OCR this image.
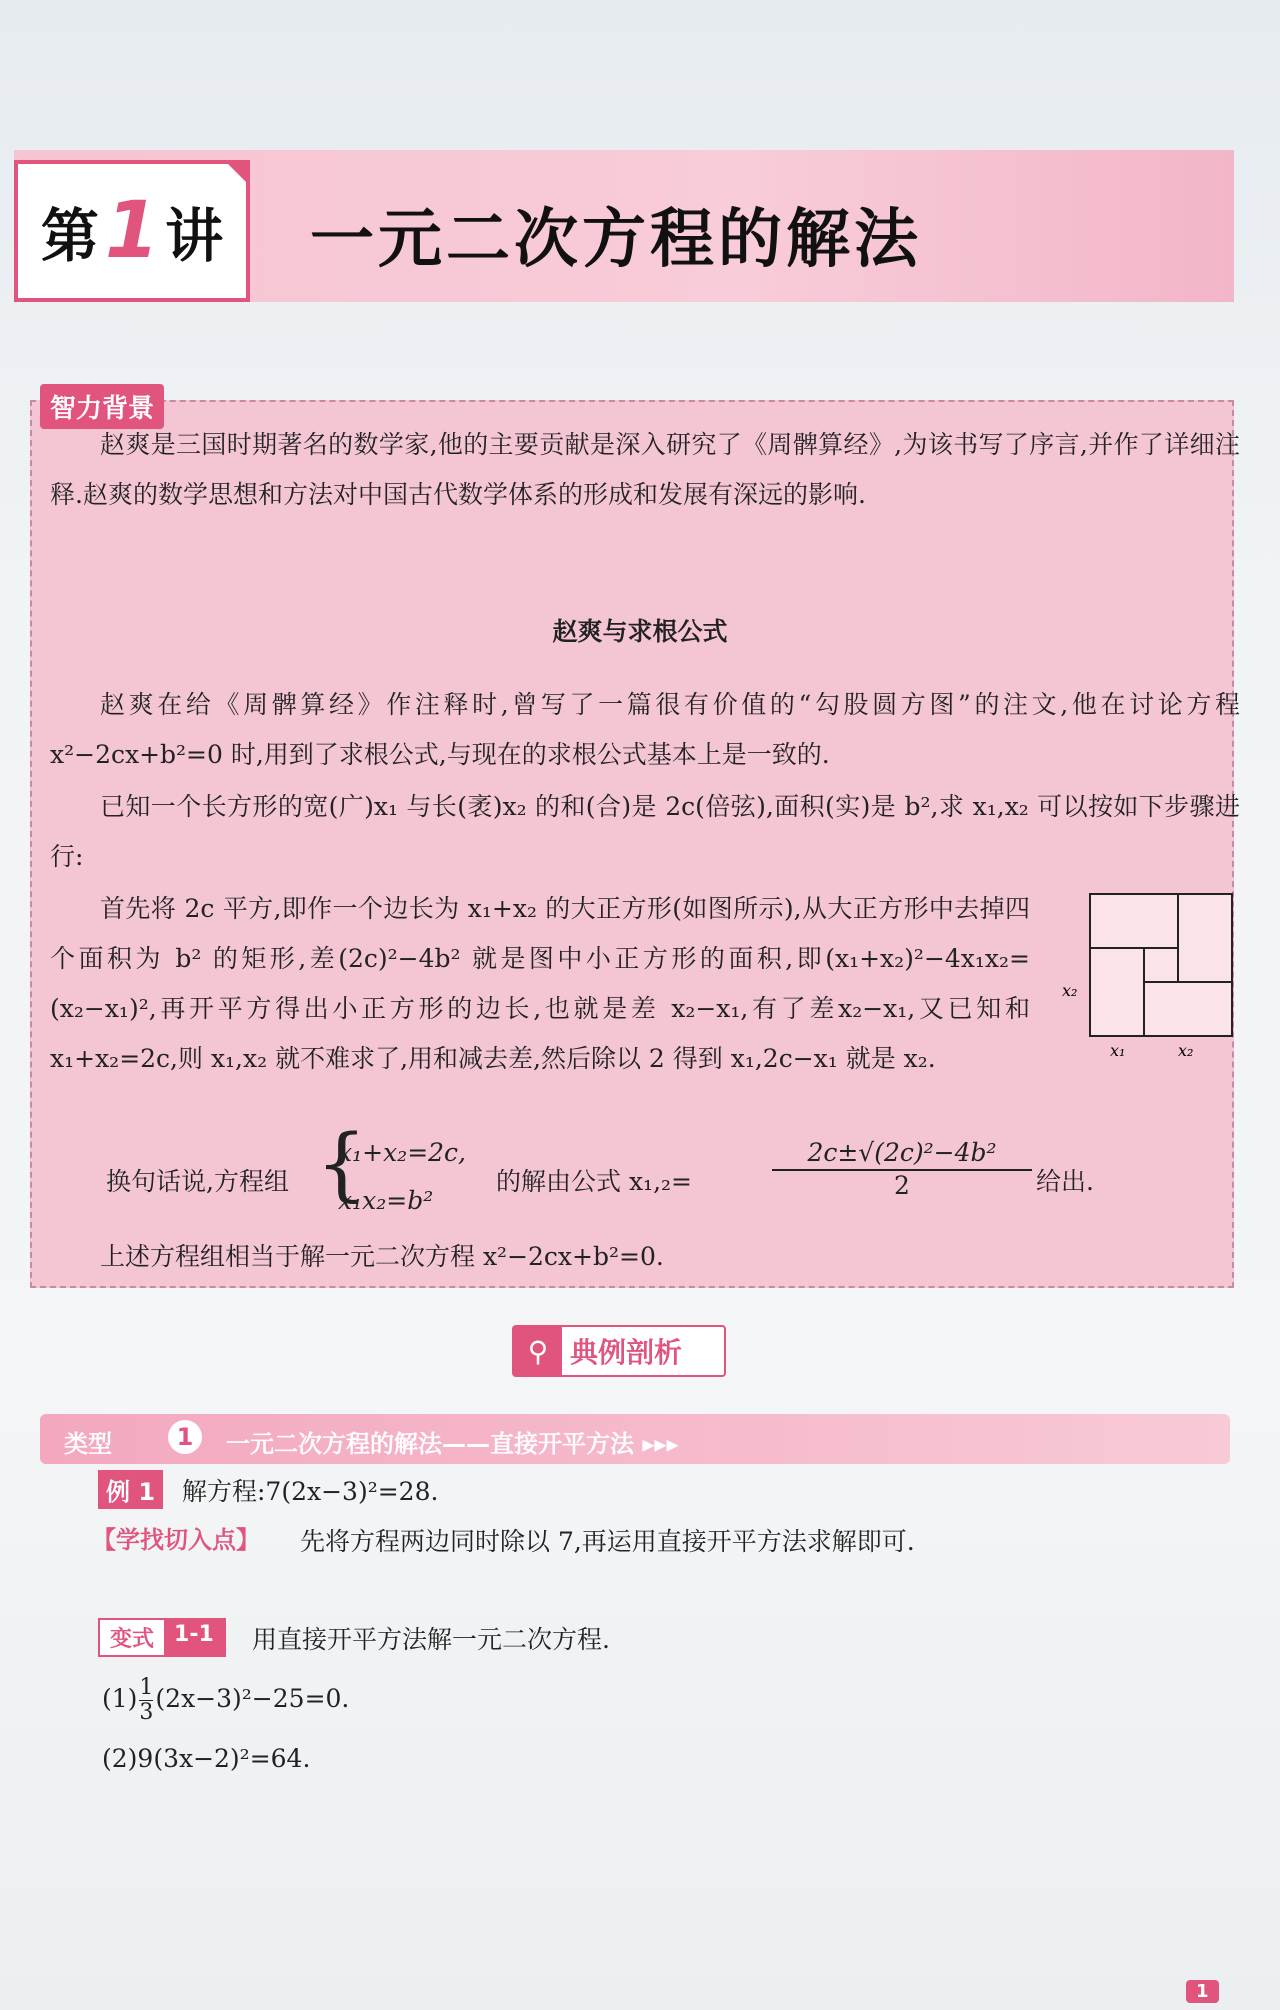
第 1 讲 一元二次方程的解法
智力背景
赵爽是三国时期著名的数学家,他的主要贡献是深入研究了《周髀算经》,为该书写了序言,并作了详细注释.赵爽的数学思想和方法对中国古代数学体系的形成和发展有深远的影响.
赵爽与求根公式
赵爽在给《周髀算经》作注释时,曾写了一篇很有价值的“勾股圆方图”的注文,他在讨论方程 x²−2cx+b²=0 时,用到了求根公式,与现在的求根公式基本上是一致的.
已知一个长方形的宽(广)x₁ 与长(袤)x₂ 的和(合)是 2c(倍弦),面积(实)是 b²,求 x₁,x₂ 可以按如下步骤进行:
首先将 2c 平方,即作一个边长为 x₁+x₂ 的大正方形(如图所示),从大正方形中去掉四个面积为 b² 的矩形,差(2c)²−4b² 就是图中小正方形的面积,即(x₁+x₂)²−4x₁x₂=(x₂−x₁)²,再开平方得出小正方形的边长,也就是差 x₂−x₁,有了差x₂−x₁,又已知和 x₁+x₂=2c,则 x₁,x₂ 就不难求了,用和减去差,然后除以 2 得到 x₁,2c−x₁ 就是 x₂.
x₂
x₁	x₂
换句话说,方程组 {
x₁+x₂=2c,
x₁x₂=b²
的解由公式 x₁,₂=	$\frac{\text{2c±√(2c)²−4b²}}{2}$ 给出.
上述方程组相当于解一元二次方程 x²−2cx+b²=0.
⚲ 典例剖析
类型	1	一元二次方程的解法——直接开平方法 ▸▸▸
例 1	解方程:7(2x−3)²=28.
【学找切入点】 先将方程两边同时除以 7,再运用直接开平方法求解即可.
变式 1-1	用直接开平方法解一元二次方程.
$(1) \frac{1}{3}(2x-3)^2-25=0$.
(2)9(3x−2)²=64.
1
